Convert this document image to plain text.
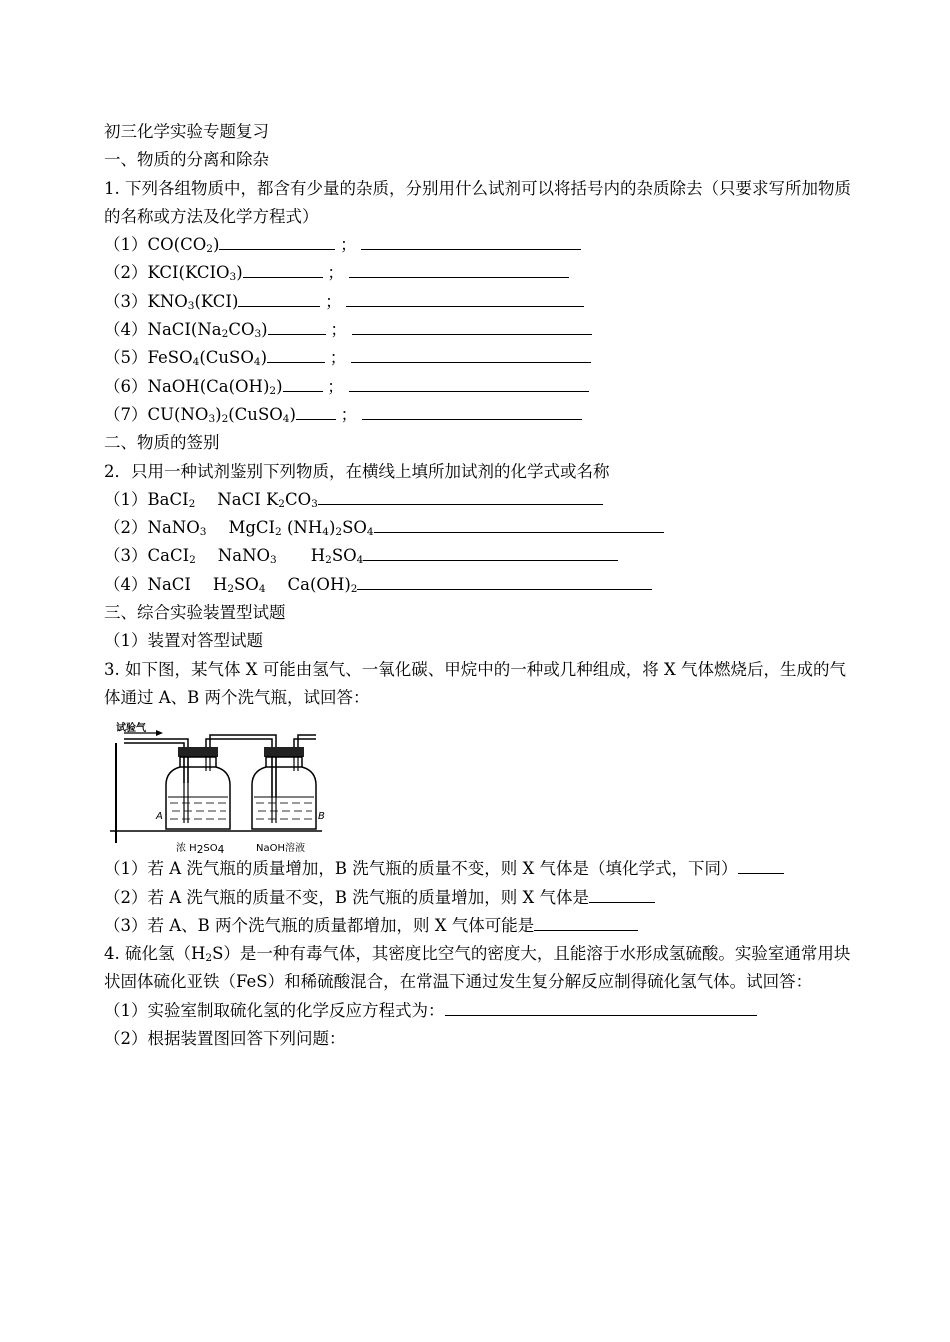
初三化学实验专题复习
一、物质的分离和除杂
1. 下列各组物质中，都含有少量的杂质，分别用什么试剂可以将括号内的杂质除去（只要求写所加物质的名称或方法及化学方程式）
$(1)CO(CO_2)$	；
$(2)KCI(KCIO_3)$	；
$(3)KNO_3(KCI)$	；
$(4)NaCI(Na_2CO_3)$	；
（5）FeSO$_4$(CuSO$_4$)	；
$(6)NaOH(Ca(OH)_2)$	；
$(7)CU(NO_3)_2(CuSO_4)$	；
二、物质的签别
2．只用一种试剂鉴别下列物质，在横线上填所加试剂的化学式或名称
（1）BaCI$_2$ NaCI $K_2CO_3$
（2）NaNO$_3$ MgCI$_2$ $(NH_4)_2SO_4$
（3）CaCI$_2$ NaNO$_3$ $H_2SO_4$
（4）NaCI $H_2SO_4$ $Ca(OH)_2$
三、综合实验装置型试题
（1）装置对答型试题
3. 如下图，某气体 X 可能由氢气、一氧化碳、甲烷中的一种或几种组成，将 X 气体燃烧后，生成的气体通过 A、B 两个洗气瓶，试回答：
试验气
A	B
浓 $H_2SO_4$	NaOH溶液
（1）若 A 洗气瓶的质量增加，B 洗气瓶的质量不变，则 X 气体是（填化学式，下同）
（2）若 A 洗气瓶的质量不变，B 洗气瓶的质量增加，则 X 气体是
（3）若 A、B 两个洗气瓶的质量都增加，则 X 气体可能是
4. 硫化氢$(H_2S)$是一种有毒气体，其密度比空气的密度大，且能溶于水形成氢硫酸。实验室通常用块状固体硫化亚铁（FeS）和稀硫酸混合，在常温下通过发生复分解反应制得硫化氢气体。试回答：
（1）实验室制取硫化氢的化学反应方程式为：
（2）根据装置图回答下列问题：
